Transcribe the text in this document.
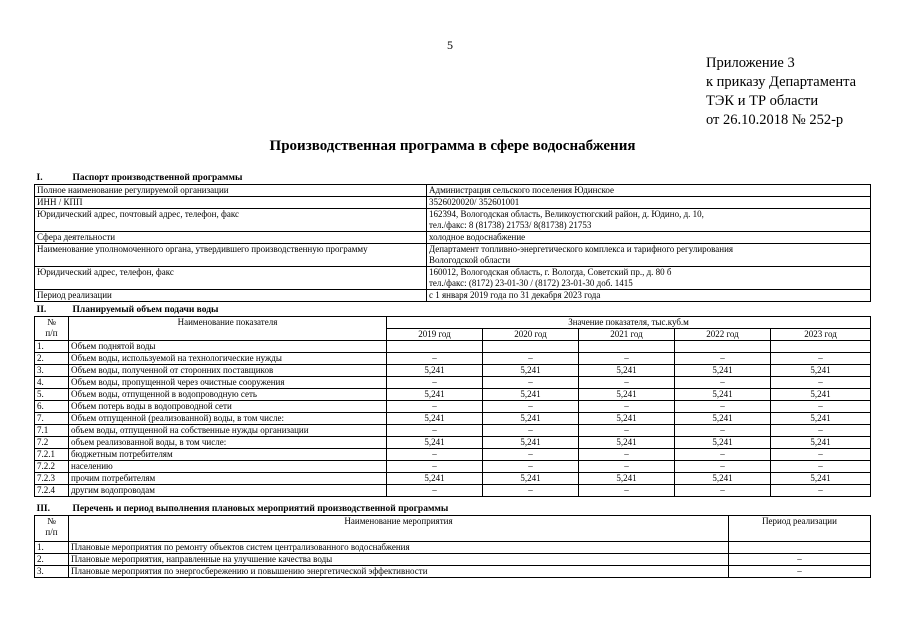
5
Приложение 3
к приказу Департамента
ТЭК и ТР области
от 26.10.2018 № 252-р
Производственная программа в сфере водоснабжения
I. Паспорт производственной программы	
Полное наименование регулируемой организации	Администрация сельского поселения Юдинское
ИНН / КПП	3526020020/ 352601001
Юридический адрес, почтовый адрес, телефон, факс	162394, Вологодская область, Великоустюгский район, д. Юдино, д. 10,
тел./факс: 8 (81738) 21753/ 8(81738) 21753

Сфера деятельности	холодное водоснабжение
Наименование уполномоченного органа, утвердившего производственную программу	Департамент топливно-энергетического комплекса и тарифного регулирования
Вологодской области

Юридический адрес, телефон, факс	160012, Вологодская область, г. Вологда, Советский пр., д. 80 б
тел./факс: (8172) 23-01-30 / (8172) 23-01-30 доб. 1415

Период реализации	с 1 января 2019 года по 31 декабря 2023 года
II. Планируемый объем подачи воды						

№
п/п	Наименование показателя	Значение показателя, тыс.куб.м				
		2019 год	2020 год	2021 год	2022 год	2023 год
1.	Объем поднятой воды					
2.	Объем воды, используемой на технологические нужды	–	–	–	–	–
3.	Объем воды, полученной от сторонних поставщиков	5,241	5,241	5,241	5,241	5,241
4.	Объем воды, пропущенной через очистные сооружения	–	–	–	–	–
5.	Объем воды, отпущенной в водопроводную сеть	5,241	5,241	5,241	5,241	5,241
6.	Объем потерь воды в водопроводной сети	–	–	–	–	–
7.	Объем отпущенной (реализованной) воды, в том числе:	5,241	5,241	5,241	5,241	5,241
7.1	объем воды, отпущенной на собственные нужды организации	–	–	–	–	–
7.2	объем реализованной воды, в том числе:	5,241	5,241	5,241	5,241	5,241
7.2.1	бюджетным потребителям	–	–	–	–	–
7.2.2	населению	–	–	–	–	–
7.2.3	прочим потребителям	5,241	5,241	5,241	5,241	5,241
7.2.4	другим водопроводам	–	–	–	–	–
III. Перечень и период выполнения плановых мероприятий производственной программы		

№
п/п	Наименование мероприятия	Период реализации
1.	Плановые мероприятия по ремонту объектов систем централизованного водоснабжения	
2.	Плановые мероприятия, направленные на улучшение качества воды	–
3.	Плановые мероприятия по энергосбережению и повышению энергетической эффективности	–
